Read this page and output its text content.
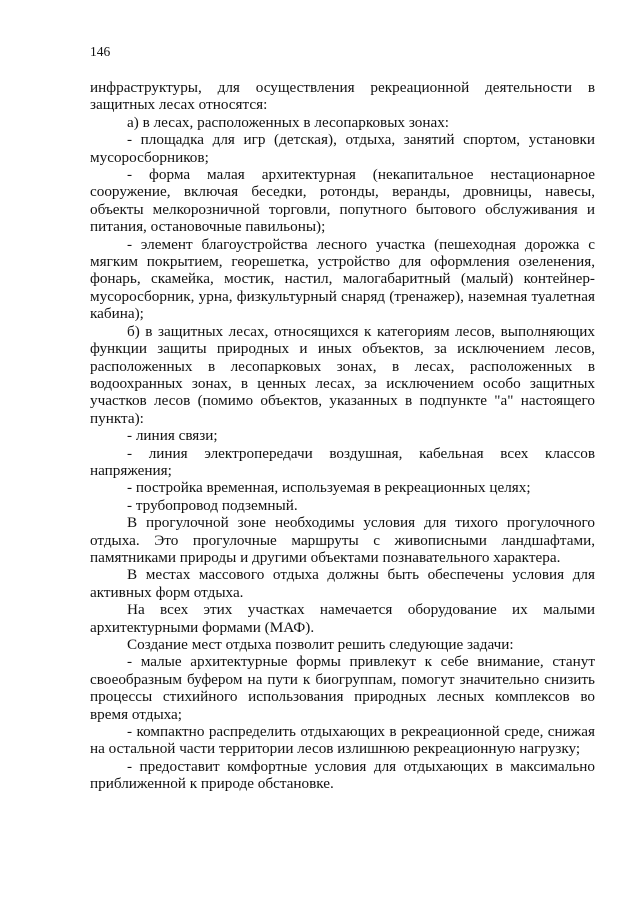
146

инфраструктуры, для осуществления рекреационной деятельности в защитных лесах относятся:

а) в лесах, расположенных в лесопарковых зонах:

- площадка для игр (детская), отдыха, занятий спортом, установки мусоросборников;

- форма малая архитектурная (некапитальное нестационарное сооружение, включая беседки, ротонды, веранды, дровницы, навесы, объекты мелкорозничной торговли, попутного бытового обслуживания и питания, остановочные павильоны);

- элемент благоустройства лесного участка (пешеходная дорожка с мягким покрытием, георешетка, устройство для оформления озеленения, фонарь, скамейка, мостик, настил, малогабаритный (малый) контейнер-мусоросборник, урна, физкультурный снаряд (тренажер), наземная туалетная кабина);

б) в защитных лесах, относящихся к категориям лесов, выполняющих функции защиты природных и иных объектов, за исключением лесов, расположенных в лесопарковых зонах, в лесах, расположенных в водоохранных зонах, в ценных лесах, за исключением особо защитных участков лесов (помимо объектов, указанных в подпункте "а" настоящего пункта):

- линия связи;

- линия электропередачи воздушная, кабельная всех классов напряжения;

- постройка временная, используемая в рекреационных целях;

- трубопровод подземный.

В прогулочной зоне необходимы условия для тихого прогулочного отдыха. Это прогулочные маршруты с живописными ландшафтами, памятниками природы и другими объектами познавательного характера.

В местах массового отдыха должны быть обеспечены условия для активных форм отдыха.

На всех этих участках намечается оборудование их малыми архитектурными формами (МАФ).

Создание мест отдыха позволит решить следующие задачи:

- малые архитектурные формы привлекут к себе внимание, станут своеобразным буфером на пути к биогруппам, помогут значительно снизить процессы стихийного использования природных лесных комплексов во время отдыха;

- компактно распределить отдыхающих в рекреационной среде, снижая на остальной части территории лесов излишнюю рекреационную нагрузку;

- предоставит комфортные условия для отдыхающих в максимально приближенной к природе обстановке.
